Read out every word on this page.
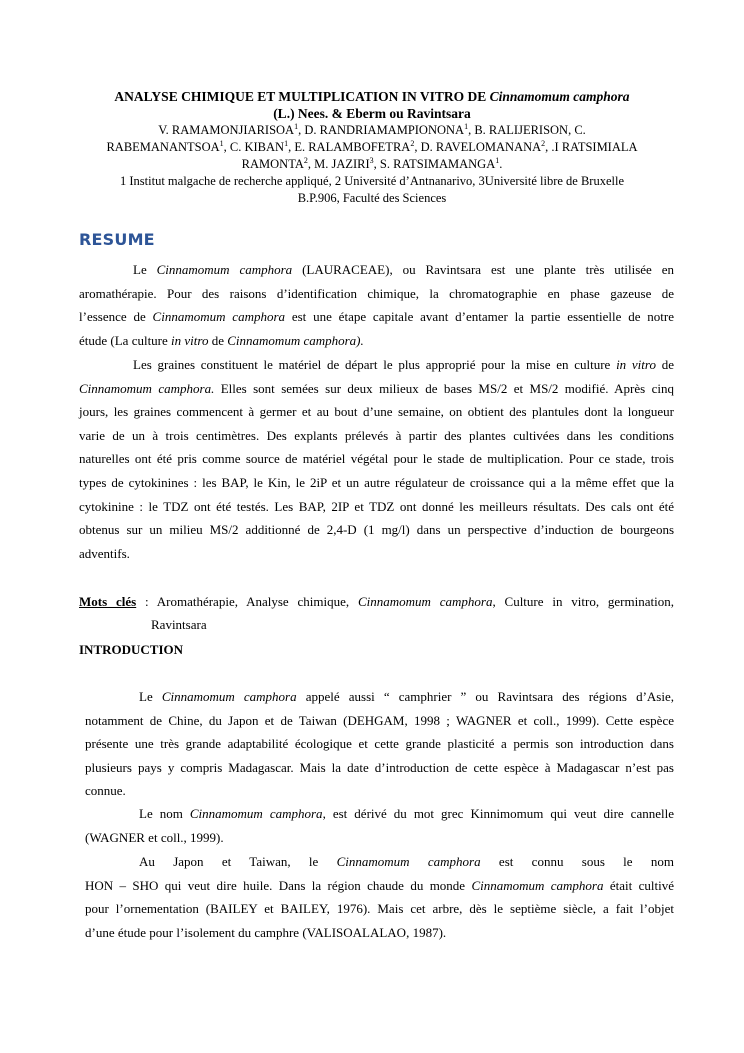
ANALYSE CHIMIQUE ET MULTIPLICATION IN VITRO DE Cinnamomum camphora
(L.) Nees. & Eberm ou Ravintsara
V. RAMAMONJIARISOA$^1$, D. RANDRIAMAMPIONONA$^1$, B. RALIJERISON, C.
RABEMANANTSOA$^1$, C. KIBAN$^1$, E. RALAMBOFETRA$^2$, D. RAVELOMANANA$^2$, .I RATSIMIALA
RAMONTA$^2$, M. JAZIRI$^3$, S. RATSIMAMANGA$^1$.
1 Institut malgache de recherche appliqué, 2 Université d’Antnanarivo, 3Université libre de Bruxelle
B.P.906, Faculté des Sciences
RESUME
Le Cinnamomum camphora (LAURACEAE), ou Ravintsara est une plante très utilisée en
aromathérapie. Pour des raisons d’identification chimique, la chromatographie en phase gazeuse de
l’essence de Cinnamomum camphora est une étape capitale avant d’entamer la partie essentielle de notre
étude (La culture in vitro de Cinnamomum camphora).
Les graines constituent le matériel de départ le plus approprié pour la mise en culture in vitro de
Cinnamomum camphora. Elles sont semées sur deux milieux de bases MS/2 et MS/2 modifié. Après cinq
jours, les graines commencent à germer et au bout d’une semaine, on obtient des plantules dont la longueur
varie de un à trois centimètres. Des explants prélevés à partir des plantes cultivées dans les conditions
naturelles ont été pris comme source de matériel végétal pour le stade de multiplication. Pour ce stade, trois
types de cytokinines : les BAP, le Kin, le 2iP et un autre régulateur de croissance qui a la même effet que la
cytokinine : le TDZ ont été testés. Les BAP, 2IP et TDZ ont donné les meilleurs résultats. Des cals ont été
obtenus sur un milieu MS/2 additionné de 2,4-D (1 mg/l) dans un perspective d’induction de bourgeons
adventifs.
Mots clés : Aromathérapie, Analyse chimique, Cinnamomum camphora, Culture in vitro, germination,
Ravintsara
INTRODUCTION
Le Cinnamomum camphora appelé aussi “ camphrier ” ou Ravintsara des régions d’Asie,
notamment de Chine, du Japon et de Taiwan (DEHGAM, 1998 ; WAGNER et coll., 1999). Cette espèce
présente une très grande adaptabilité écologique et cette grande plasticité a permis son introduction dans
plusieurs pays y compris Madagascar. Mais la date d’introduction de cette espèce à Madagascar n’est pas
connue.
Le nom Cinnamomum camphora, est dérivé du mot grec Kinnimomum qui veut dire cannelle
(WAGNER et coll., 1999).
Au Japon et Taiwan, le Cinnamomum camphora est connu sous le nom
HON – SHO qui veut dire huile. Dans la région chaude du monde Cinnamomum camphora était cultivé
pour l’ornementation (BAILEY et BAILEY, 1976). Mais cet arbre, dès le septième siècle, a fait l’objet
d’une étude pour l’isolement du camphre (VALISOALALAO, 1987).
